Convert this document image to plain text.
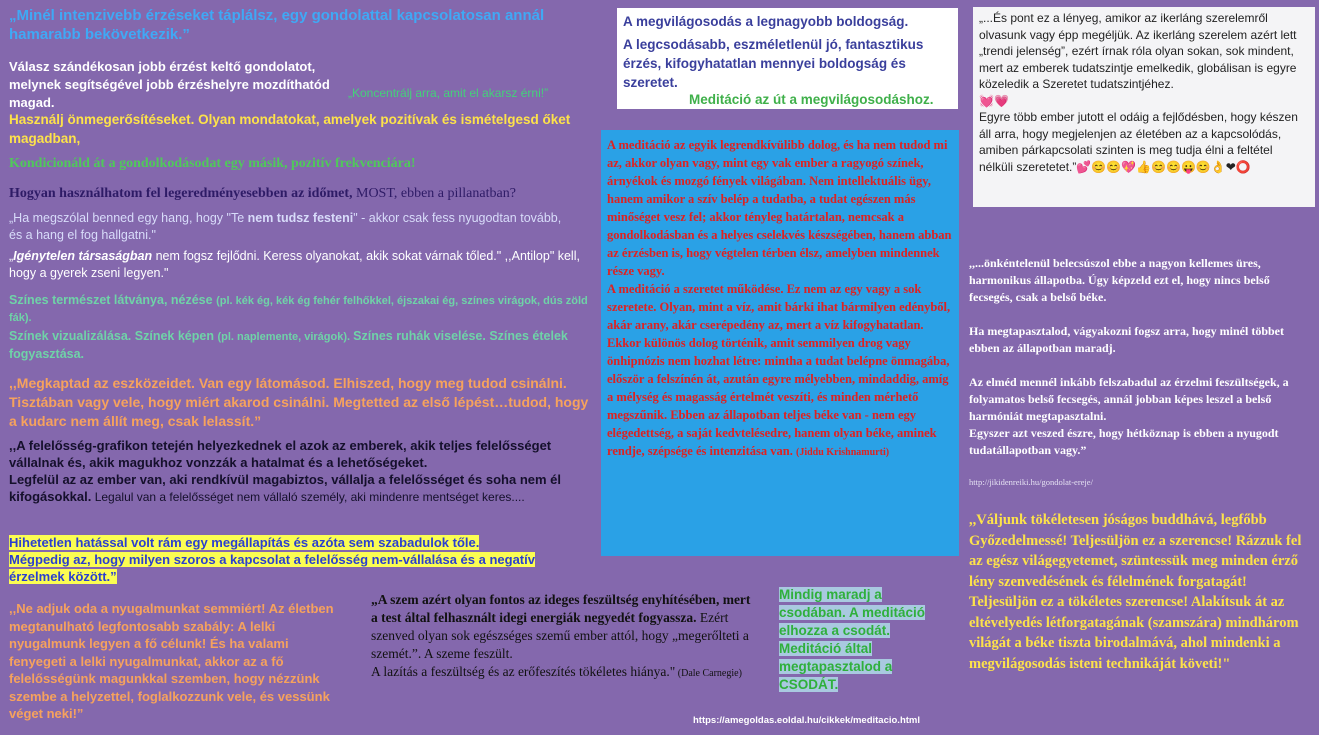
„Minél intenzivebb érzéseket táplálsz, egy gondolattal kapcsolatosan annál hamarabb bekövetkezik.”
Válasz szándékosan jobb érzést keltő gondolatot, melynek segítségével jobb érzéshelyre mozdíthatód magad.
„Koncentrálj arra, amit el akarsz érni!”
Használj önmegerősítéseket. Olyan mondatokat, amelyek pozitívak és ismételgesd őket magadban,
Kondicionáld át a gondolkodásodat egy másik, pozitív frekvenciára!
Hogyan használhatom fel legeredményesebben az időmet, MOST, ebben a pillanatban?
„Ha megszólal benned egy hang, hogy "Te nem tudsz festeni" - akkor csak fess nyugodtan tovább, és a hang el fog hallgatni."
„Igénytelen társaságban nem fogsz fejlődni. Keress olyanokat, akik sokat várnak tőled." ,,Antilop" kell, hogy a gyerek zseni legyen."
Színes természet látványa, nézése (pl. kék ég, kék ég fehér felhőkkel, éjszakai ég, színes virágok, dús zöld fák).
Színek vizualizálása. Színek képen (pl. naplemente, virágok). Színes ruhák viselése. Színes ételek fogyasztása.
,,Megkaptad az eszközeidet. Van egy látomásod. Elhiszed, hogy meg tudod csinálni. Tisztában vagy vele, hogy miért akarod csinálni. Megtetted az első lépést…tudod, hogy a kudarc nem állít meg, csak lelassít.”
,,A felelősség-grafikon tetején helyezkednek el azok az emberek, akik teljes felelősséget vállalnak és, akik magukhoz vonzzák a hatalmat és a lehetőségeket.
Legfelül az az ember van, aki rendkívül magabiztos, vállalja a felelősséget és soha nem él kifogásokkal. Legalul van a felelősséget nem vállaló személy, aki mindenre mentséget keres....
Hihetetlen hatással volt rám egy megállapítás és azóta sem szabadulok tőle.
Mégpedig az, hogy milyen szoros a kapcsolat a felelősség nem-vállalása és a negatív érzelmek között.”
,,Ne adjuk oda a nyugalmunkat semmiért! Az életben megtanulható legfontosabb szabály: A lelki nyugalmunk legyen a fő célunk! És ha valami fenyegeti a lelki nyugalmunkat, akkor az a fő felelősségünk magunkkal szemben, hogy nézzünk szembe a helyzettel, foglalkozzunk vele, és vessünk véget neki!”
A megvilágosodás a legnagyobb boldogság.
A legcsodásabb, eszméletlenül jó, fantasztikus érzés, kifogyhatatlan mennyei boldogság és szeretet.
Meditáció az út a megvilágosodáshoz.
A meditáció az egyik legrendkívülibb dolog, és ha nem tudod mi az, akkor olyan vagy, mint egy vak ember a ragyogó színek, árnyékok és mozgó fények világában. Nem intellektuális ügy, hanem amikor a szív belép a tudatba, a tudat egészen más minőséget vesz fel; akkor tényleg határtalan, nemcsak a gondolkodásban és a helyes cselekvés készségében, hanem abban az érzésben is, hogy végtelen térben élsz, amelyben mindennek része vagy.
A meditáció a szeretet működése. Ez nem az egy vagy a sok szeretete. Olyan, mint a víz, amit bárki ihat bármilyen edényből, akár arany, akár cserépedény az, mert a víz kifogyhatatlan. Ekkor különös dolog történik, amit semmilyen drog vagy önhipnózis nem hozhat létre: mintha a tudat belépne önmagába, először a felszínén át, azután egyre mélyebben, mindaddig, amíg a mélység és magasság értelmét veszíti, és minden mérhető megszűnik. Ebben az állapotban teljes béke van - nem egy elégedettség, a saját kedvtelésedre, hanem olyan béke, aminek rendje, szépsége és intenzitása van. (Jiddu Krishnamurti)
„A szem azért olyan fontos az ideges feszültség enyhítésében, mert a test által felhasznált idegi energiák negyedét fogyassza. Ezért szenved olyan sok egészséges szemű ember attól, hogy „megerőlteti a szemét.”. A szeme feszült.
A lazítás a feszültség és az erőfeszítés tökéletes hiánya." (Dale Carnegie)
Mindig maradj a
csodában. A meditáció
elhozza a csodát.
Meditáció által
megtapasztalod a
CSODÁT.
https://amegoldas.eoldal.hu/cikkek/meditacio.html
„...És pont ez a lényeg, amikor az ikerláng szerelemről olvasunk vagy épp megéljük. Az ikerláng szerelem azért lett „trendi jelenség”, ezért írnak róla olyan sokan, sok mindent, mert az emberek tudatszintje emelkedik, globálisan is egyre közeledik a Szeretet tudatszintjéhez.
💓💗
Egyre több ember jutott el odáig a fejlődésben, hogy készen áll arra, hogy megjelenjen az életében az a kapcsolódás, amiben párkapcsolati szinten is meg tudja élni a feltétel nélküli szeretetet.”💕😊😊💖👍😊😊😛😊👌❤⭕
,,...önkéntelenül belecsúszol ebbe a nagyon kellemes üres, harmonikus állapotba. Úgy képzeld ezt el, hogy nincs belső fecsegés, csak a belső béke.
Ha megtapasztalod, vágyakozni fogsz arra, hogy minél többet ebben az állapotban maradj.
Az elméd mennél inkább felszabadul az érzelmi feszültségek, a folyamatos belső fecsegés, annál jobban képes leszel a belső harmóniát megtapasztalni.
Egyszer azt veszed észre, hogy hétköznap is ebben a nyugodt tudatállapotban vagy.”
http://jikidenreiki.hu/gondolat-ereje/
,,Váljunk tökéletesen jóságos buddhává, legfőbb Győzedelmessé! Teljesüljön ez a szerencse! Rázzuk fel az egész világegyetemet, szüntessük meg minden érző lény szenvedésének és félelmének forgatagát! Teljesüljön ez a tökéletes szerencse! Alakítsuk át az eltévelyedés létforgatagának (szamszára) mindhárom világát a béke tiszta birodalmává, ahol mindenki a megvilágosodás isteni technikáját követi!"
